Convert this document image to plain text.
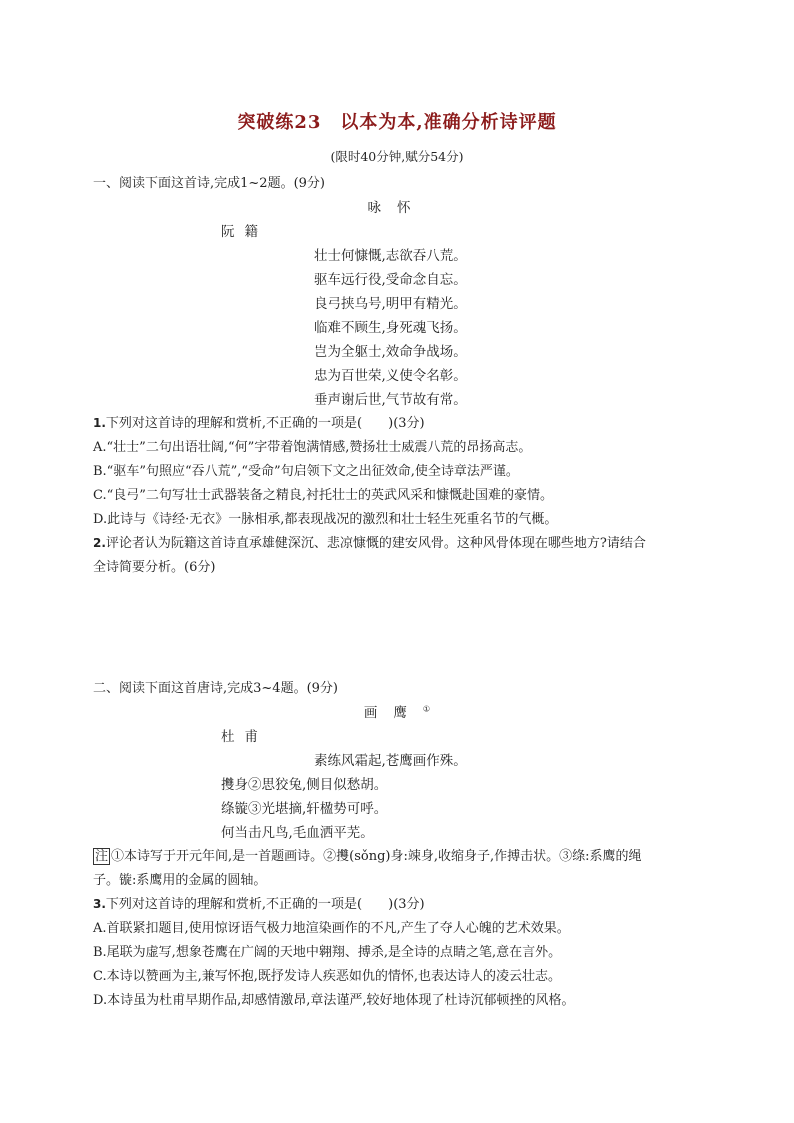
突破练23　以本为本,准确分析诗评题
(限时40分钟,赋分54分)
一、阅读下面这首诗,完成1~2题。(9分)
咏怀
阮籍
壮士何慷慨,志欲吞八荒。
驱车远行役,受命念自忘。
良弓挟乌号,明甲有精光。
临难不顾生,身死魂飞扬。
岂为全躯士,效命争战场。
忠为百世荣,义使令名彰。
垂声谢后世,气节故有常。
1.下列对这首诗的理解和赏析,不正确的一项是(　　)(3分)
A.“壮士”二句出语壮阔,“何”字带着饱满情感,赞扬壮士威震八荒的昂扬高志。
B.“驱车”句照应“吞八荒”,“受命”句启领下文之出征效命,使全诗章法严谨。
C.“良弓”二句写壮士武器装备之精良,衬托壮士的英武风采和慷慨赴国难的豪情。
D.此诗与《诗经·无衣》一脉相承,都表现战况的激烈和壮士轻生死重名节的气概。
2.评论者认为阮籍这首诗直承雄健深沉、悲凉慷慨的建安风骨。这种风骨体现在哪些地方?请结合
全诗简要分析。(6分)
二、阅读下面这首唐诗,完成3~4题。(9分)
画鹰①
杜甫
素练风霜起,苍鹰画作殊。
㩳身②思狡兔,侧目似愁胡。
绦镟③光堪摘,轩楹势可呼。
何当击凡鸟,毛血洒平芜。
注 ①本诗写于开元年间,是一首题画诗。②㩳(sǒng)身:竦身,收缩身子,作搏击状。③绦:系鹰的绳
子。镟:系鹰用的金属的圆轴。
3.下列对这首诗的理解和赏析,不正确的一项是(　　)(3分)
A.首联紧扣题目,使用惊讶语气极力地渲染画作的不凡,产生了夺人心魄的艺术效果。
B.尾联为虚写,想象苍鹰在广阔的天地中翱翔、搏杀,是全诗的点睛之笔,意在言外。
C.本诗以赞画为主,兼写怀抱,既抒发诗人疾恶如仇的情怀,也表达诗人的凌云壮志。
D.本诗虽为杜甫早期作品,却感情激昂,章法谨严,较好地体现了杜诗沉郁顿挫的风格。
